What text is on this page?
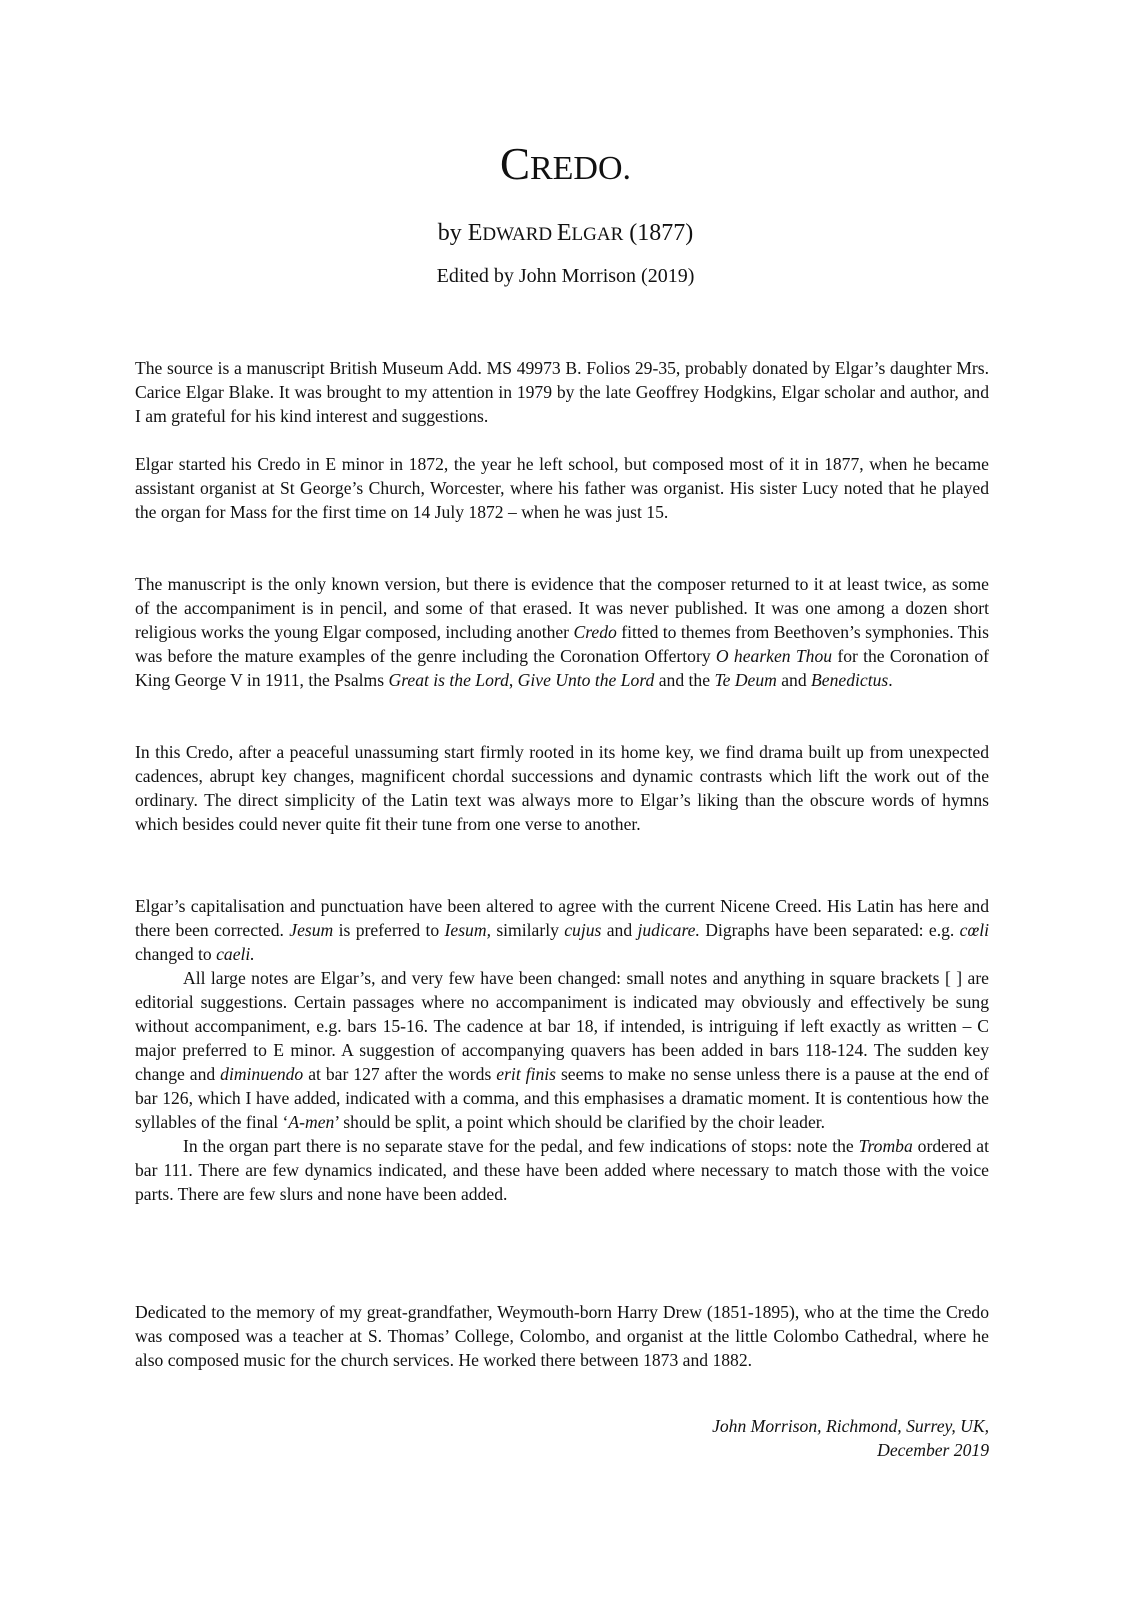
CREDO.
by EDWARD ELGAR (1877)
Edited by John Morrison (2019)

The source is a manuscript British Museum Add. MS 49973 B. Folios 29-35, probably donated by Elgar’s daughter Mrs. Carice Elgar Blake. It was brought to my attention in 1979 by the late Geoffrey Hodgkins, Elgar scholar and author, and I am grateful for his kind interest and suggestions.

Elgar started his Credo in E minor in 1872, the year he left school, but composed most of it in 1877, when he became assistant organist at St George’s Church, Worcester, where his father was organist. His sister Lucy noted that he played the organ for Mass for the first time on 14 July 1872 – when he was just 15.

The manuscript is the only known version, but there is evidence that the composer returned to it at least twice, as some of the accompaniment is in pencil, and some of that erased. It was never published. It was one among a dozen short religious works the young Elgar composed, including another Credo fitted to themes from Beethoven’s symphonies. This was before the mature examples of the genre including the Coronation Offertory O hearken Thou for the Coronation of King George V in 1911, the Psalms Great is the Lord, Give Unto the Lord and the Te Deum and Benedictus.

In this Credo, after a peaceful unassuming start firmly rooted in its home key, we find drama built up from unexpected cadences, abrupt key changes, magnificent chordal successions and dynamic contrasts which lift the work out of the ordinary. The direct simplicity of the Latin text was always more to Elgar’s liking than the obscure words of hymns which besides could never quite fit their tune from one verse to another.

Elgar’s capitalisation and punctuation have been altered to agree with the current Nicene Creed. His Latin has here and there been corrected. Jesum is preferred to Iesum, similarly cujus and judicare. Digraphs have been separated: e.g. cœli changed to caeli.

All large notes are Elgar’s, and very few have been changed: small notes and anything in square brackets [ ] are editorial suggestions. Certain passages where no accompaniment is indicated may obviously and effectively be sung without accompaniment, e.g. bars 15-16. The cadence at bar 18, if intended, is intriguing if left exactly as written – C major preferred to E minor. A suggestion of accompanying quavers has been added in bars 118-124. The sudden key change and diminuendo at bar 127 after the words erit finis seems to make no sense unless there is a pause at the end of bar 126, which I have added, indicated with a comma, and this emphasises a dramatic moment. It is contentious how the syllables of the final ‘A-men’ should be split, a point which should be clarified by the choir leader.

In the organ part there is no separate stave for the pedal, and few indications of stops: note the Tromba ordered at bar 111. There are few dynamics indicated, and these have been added where necessary to match those with the voice parts. There are few slurs and none have been added.

Dedicated to the memory of my great-grandfather, Weymouth-born Harry Drew (1851-1895), who at the time the Credo was composed was a teacher at S. Thomas’ College, Colombo, and organist at the little Colombo Cathedral, where he also composed music for the church services. He worked there between 1873 and 1882.

John Morrison, Richmond, Surrey, UK,
December 2019
